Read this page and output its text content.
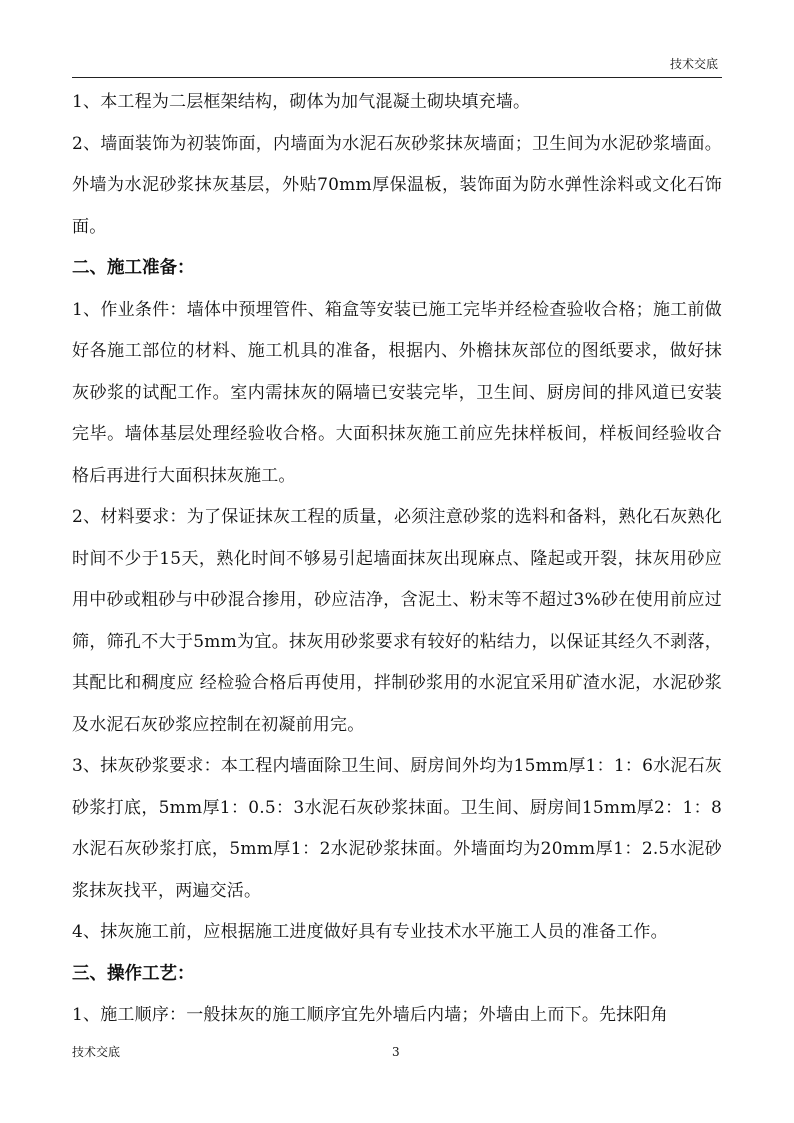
技术交底

1、本工程为二层框架结构，砌体为加气混凝土砌块填充墙。

2、墙面装饰为初装饰面，内墙面为水泥石灰砂浆抹灰墙面；卫生间为水泥砂浆墙面。外墙为水泥砂浆抹灰基层，外贴70mm厚保温板，装饰面为防水弹性涂料或文化石饰面。

二、施工准备：

1、作业条件：墙体中预埋管件、箱盒等安装已施工完毕并经检查验收合格；施工前做好各施工部位的材料、施工机具的准备，根据内、外檐抹灰部位的图纸要求，做好抹灰砂浆的试配工作。室内需抹灰的隔墙已安装完毕，卫生间、厨房间的排风道已安装完毕。墙体基层处理经验收合格。大面积抹灰施工前应先抹样板间，样板间经验收合格后再进行大面积抹灰施工。

2、材料要求：为了保证抹灰工程的质量，必须注意砂浆的选料和备料，熟化石灰熟化时间不少于15天，熟化时间不够易引起墙面抹灰出现麻点、隆起或开裂，抹灰用砂应用中砂或粗砂与中砂混合掺用，砂应洁净，含泥土、粉末等不超过3%砂在使用前应过筛，筛孔不大于5mm为宜。抹灰用砂浆要求有较好的粘结力，以保证其经久不剥落，其配比和稠度应 经检验合格后再使用，拌制砂浆用的水泥宜采用矿渣水泥，水泥砂浆及水泥石灰砂浆应控制在初凝前用完。

3、抹灰砂浆要求：本工程内墙面除卫生间、厨房间外均为15mm厚1：1：6水泥石灰砂浆打底，5mm厚1：0.5：3水泥石灰砂浆抹面。卫生间、厨房间15mm厚2：1：8水泥石灰砂浆打底，5mm厚1：2水泥砂浆抹面。外墙面均为20mm厚1：2.5水泥砂浆抹灰找平，两遍交活。

4、抹灰施工前，应根据施工进度做好具有专业技术水平施工人员的准备工作。

三、操作工艺：

1、施工顺序：一般抹灰的施工顺序宜先外墙后内墙；外墙由上而下。先抹阳角

技术交底	3
